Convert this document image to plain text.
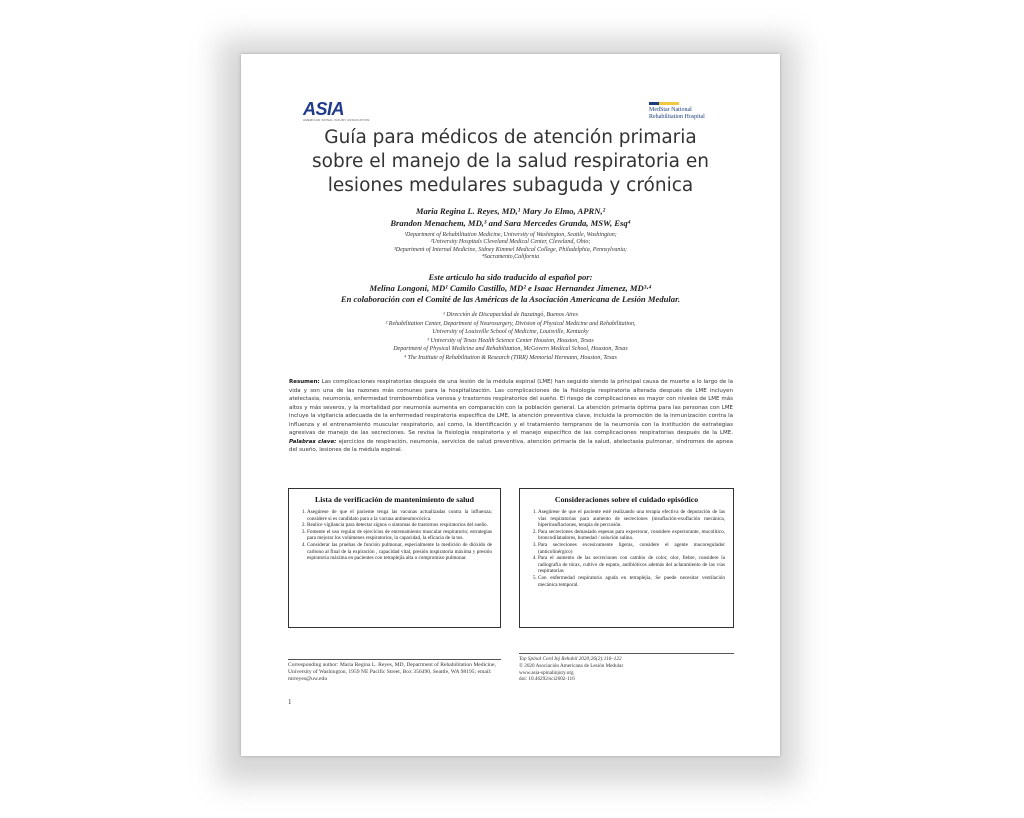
ASIA
AMERICAN SPINAL INJURY ASSOCIATION
MedStar National
Rehabilitation Hospital
Guía para médicos de atención primaria
sobre el manejo de la salud respiratoria en
lesiones medulares subaguda y crónica
Maria Regina L. Reyes, MD,¹ Mary Jo Elmo, APRN,²
Brandon Menachem, MD,³ and Sara Mercedes Granda, MSW, Esq⁴
¹Department of Rehabilitation Medicine, University of Washington, Seattle, Washington;
²University Hospitals Cleveland Medical Center, Cleveland, Ohio;
³Department of Internal Medicine, Sidney Kimmel Medical College, Philadelphia, Pennsylvania;
⁴Sacramento,California
Este articulo ha sido traducido al español por:
Melina Longoni, MD¹ Camilo Castillo, MD² e Isaac Hernandez Jimenez, MD³·⁴
En colaboración con el Comité de las Américas de la Asociación Americana de Lesión Medular.
¹ Dirección de Discapacidad de Ituzaingó, Buenos Aires
² Rehabilitation Center, Department of Neurosurgery, Division of Physical Medicine and Rehabilitation,
University of Louisville School of Medicine, Louisville, Kentucky
³ University of Texas Health Science Center Houston, Houston, Texas
Department of Physical Medicine and Rehabilitation, McGovern Medical School, Houston, Texas
⁴ The Institute of Rehabilitation & Research (TIRR) Memorial Hermann, Houston, Texas
Resumen: Las complicaciones respiratorias después de una lesión de la médula espinal (LME) han seguido siendo la principal causa de muerte a lo largo de la vida y son una de las razones más comunes para la hospitalización. Las complicaciones de la fisiología respiratoria alterada después de LME incluyen atelectasia, neumonía, enfermedad tromboembólica venosa y trastornos respiratorios del sueño. El riesgo de complicaciones es mayor con niveles de LME más altos y más severos, y la mortalidad por neumonía aumenta en comparación con la población general. La atención primaria óptima para las personas con LME incluye la vigilancia adecuada de la enfermedad respiratoria específica de LME, la atención preventiva clave, incluida la promoción de la inmunización contra la influenza y el entrenamiento muscular respiratorio, así como, la identificación y el tratamiento tempranos de la neumonía con la institución de estrategias agresivas de manejo de las secreciones. Se revisa la fisiología respiratoria y el manejo específico de las complicaciones respiratorias después de la LME. Palabras clave: ejercicios de respiración, neumonía, servicios de salud preventiva, atención primaria de la salud, atelectasia pulmonar, síndromes de apnea del sueño, lesiones de la médula espinal.
Lista de verificación de mantenimiento de salud
1. Asegúrese de que el paciente tenga las vacunas actualizadas contra la influenza; considere si es candidato para a la vacuna antineumocócica.
2. Realice vigilancia para detectar signos o síntomas de trastornos respiratorios del sueño.
3. Fomente el uso regular de ejercicios de entrenamiento muscular respiratorio; estrategias para mejorar los volúmenes respiratorios, la capacidad, la eficacia de la tos.
4. Considerar las pruebas de función pulmonar, especialmente la medición de dióxido de carbono al final de la expiración , capacidad vital, presión inspiratoria máxima y presión espiratoria máxima en pacientes con tetraplejía alta o compromiso pulmonar.
Consideraciones sobre el cuidado episódico
1. Asegúrese de que el paciente esté realizando una terapia efectiva de depuración de las vías respiratorias para aumento de secreciones (insuflación-exuflación mecánica, hiperinsuflaciones, terapia de percusión.
2. Para secreciones demasiado espesas para expectorar, considere expectorante, mucolítico, broncodilatadores, humedad / solución salina.
3. Para secreciones excesivamente ligeras, considere el agente mucoregulador (anticolinérgico)
4. Para el aumento de las secreciones con cambio de color, olor, fiebre, considere la radiografía de tórax, cultivo de esputo, antibióticos además del aclaramiento de las vías respiratorias
5. Con enfermedad respiratoria aguda en tetraplejia, Se puede necesitar ventilación mecánica temporal.
Corresponding author: Maria Regina L. Reyes, MD, Department of Rehabilitation Medicine, University of Washington, 1959 NE Pacific Street, Box 356490, Seattle, WA 98195; email: mrreyes@uw.edu
Top Spinal Cord Inj Rehabil 2020;26(2):116–122
© 2020 Asociación Americana de Lesión Medular
www.asia-spinalinjury.org
doi: 10.46292/sci2602-116
1
